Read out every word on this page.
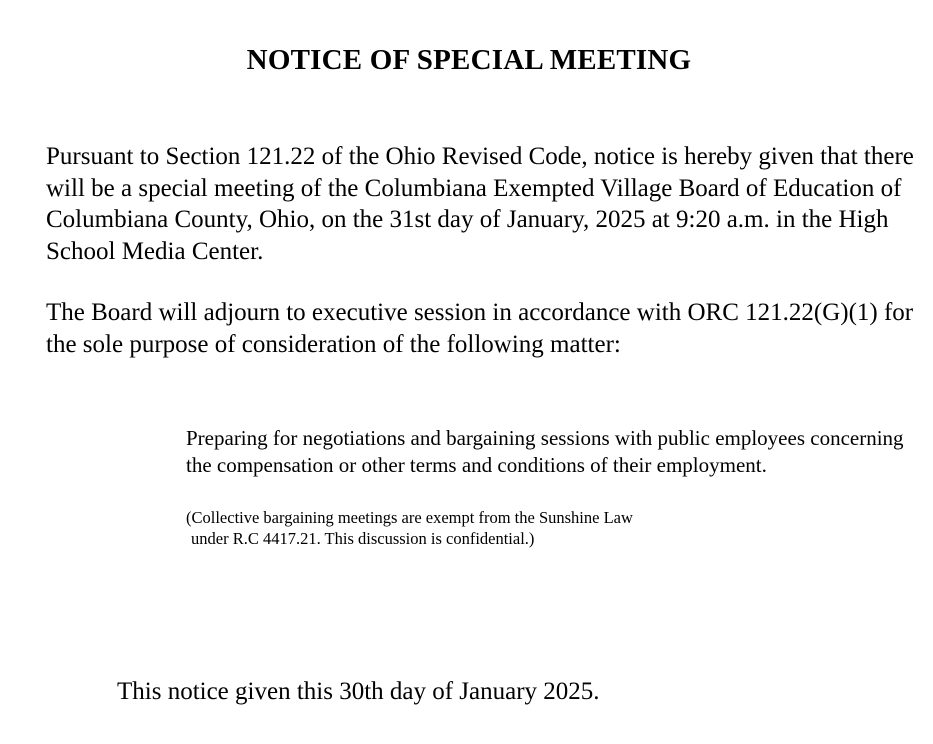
NOTICE OF SPECIAL MEETING
Pursuant to Section 121.22 of the Ohio Revised Code, notice is hereby given that there will be a special meeting of the Columbiana Exempted Village Board of Education of Columbiana County, Ohio, on the 31st day of January, 2025 at 9:20 a.m. in the High School Media Center.
The Board will adjourn to executive session in accordance with ORC 121.22(G)(1) for the sole purpose of consideration of the following matter:
Preparing for negotiations and bargaining sessions with public employees concerning the compensation or other terms and conditions of their employment.
(Collective bargaining meetings are exempt from the Sunshine Law
under R.C 4417.21. This discussion is confidential.)
This notice given this 30th day of January 2025.
